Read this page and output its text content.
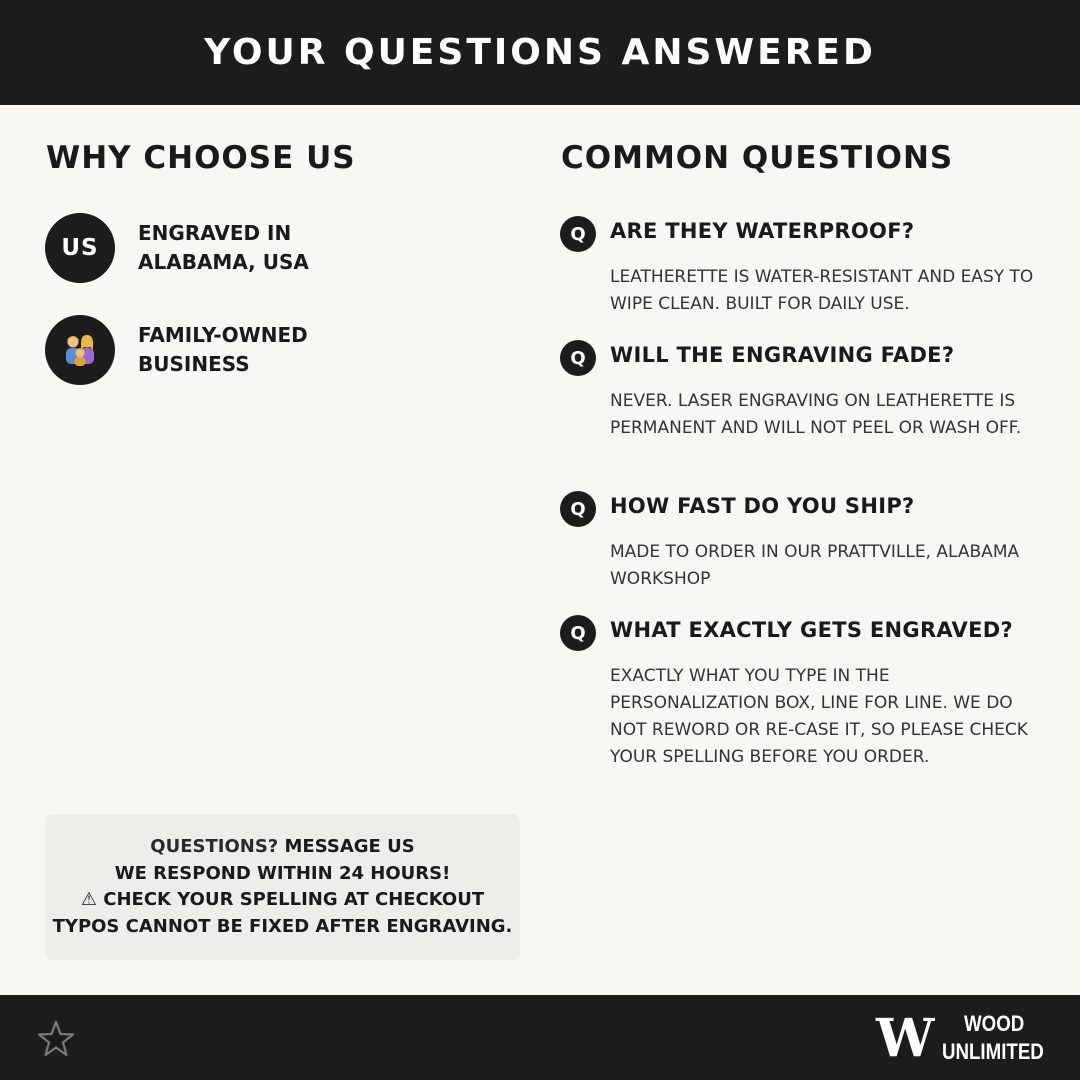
YOUR QUESTIONS ANSWERED
WHY CHOOSE US	COMMON QUESTIONS
US
ENGRAVED IN
ALABAMA, USA
FAMILY-OWNED
BUSINESS
Q	ARE THEY WATERPROOF?
LEATHERETTE IS WATER-RESISTANT AND EASY TO WIPE CLEAN. BUILT FOR DAILY USE.
Q	WILL THE ENGRAVING FADE?
NEVER. LASER ENGRAVING ON LEATHERETTE IS PERMANENT AND WILL NOT PEEL OR WASH OFF.
Q	HOW FAST DO YOU SHIP?
MADE TO ORDER IN OUR PRATTVILLE, ALABAMA WORKSHOP
Q	WHAT EXACTLY GETS ENGRAVED?
EXACTLY WHAT YOU TYPE IN THE PERSONALIZATION BOX, LINE FOR LINE. WE DO NOT REWORD OR RE-CASE IT, SO PLEASE CHECK YOUR SPELLING BEFORE YOU ORDER.
QUESTIONS? MESSAGE US
WE RESPOND WITHIN 24 HOURS!
⚠ CHECK YOUR SPELLING AT CHECKOUT
TYPOS CANNOT BE FIXED AFTER ENGRAVING.
W WOOD
UNLIMITED
